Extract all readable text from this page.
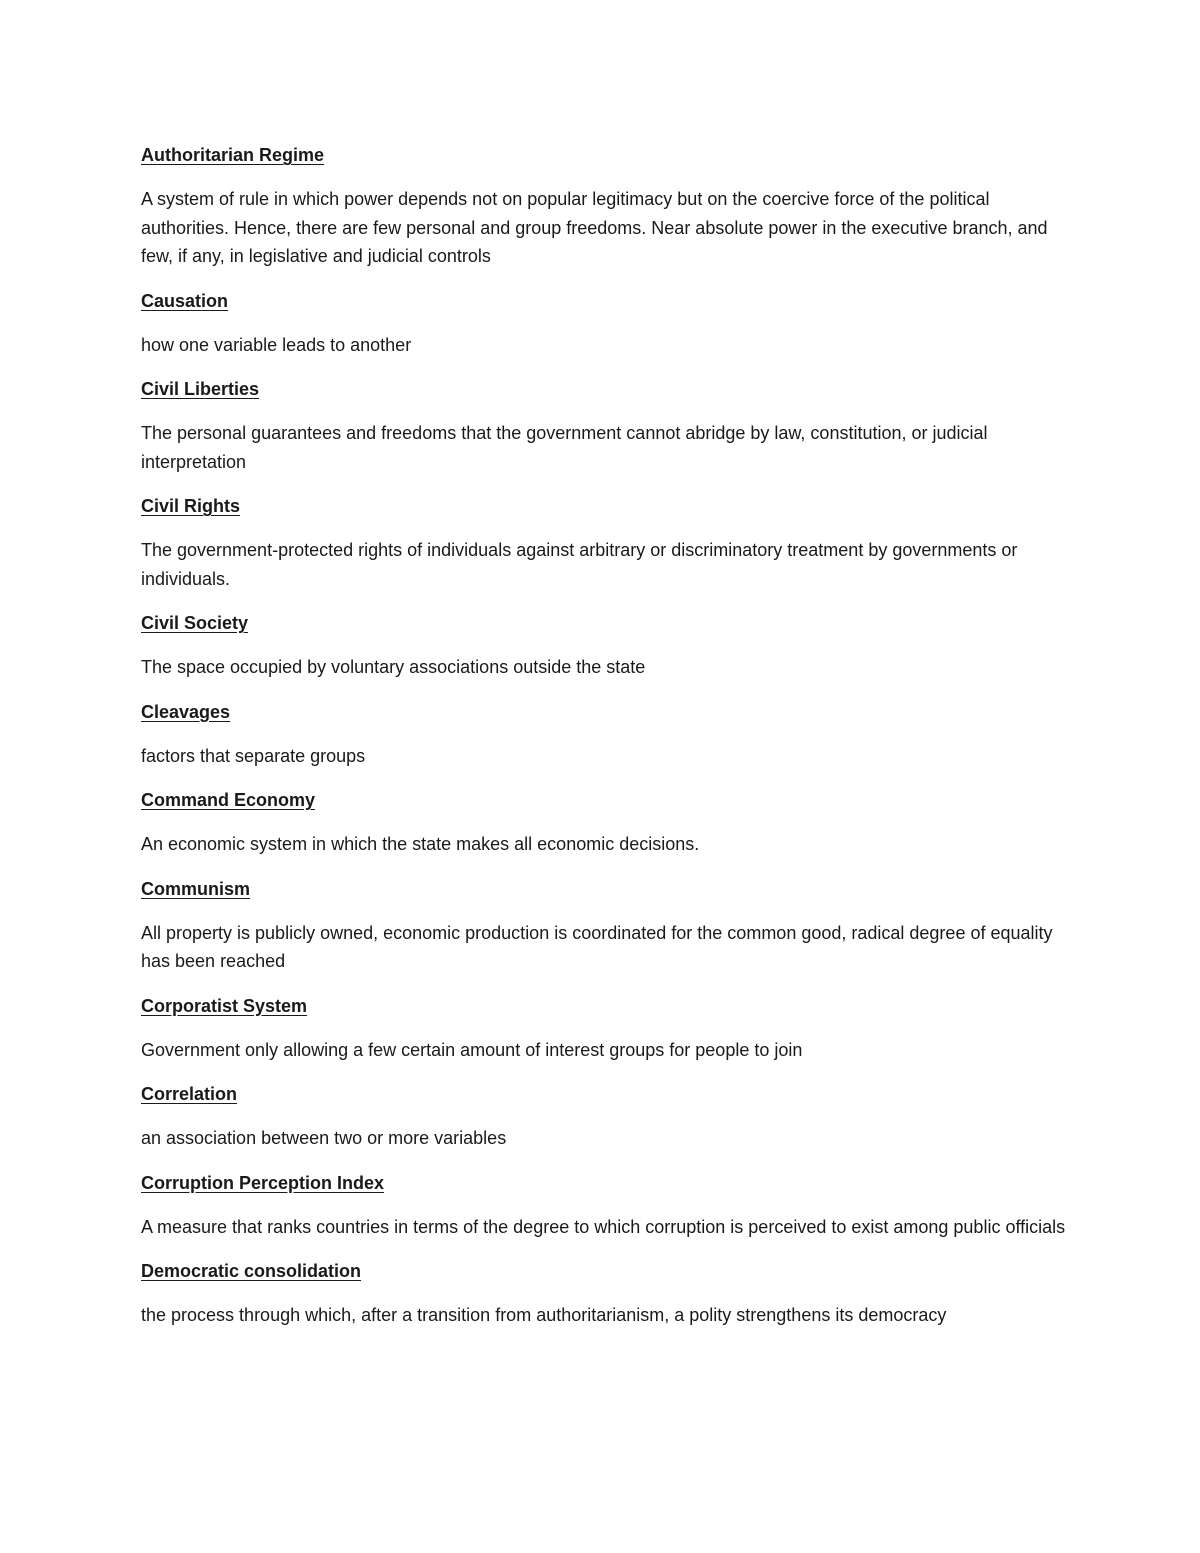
Authoritarian Regime

A system of rule in which power depends not on popular legitimacy but on the coercive force of the political authorities. Hence, there are few personal and group freedoms. Near absolute power in the executive branch, and few, if any, in legislative and judicial controls

Causation

how one variable leads to another

Civil Liberties

The personal guarantees and freedoms that the government cannot abridge by law, constitution, or judicial interpretation

Civil Rights

The government-protected rights of individuals against arbitrary or discriminatory treatment by governments or individuals.

Civil Society

The space occupied by voluntary associations outside the state

Cleavages

factors that separate groups

Command Economy

An economic system in which the state makes all economic decisions.

Communism

All property is publicly owned, economic production is coordinated for the common good, radical degree of equality has been reached

Corporatist System

Government only allowing a few certain amount of interest groups for people to join

Correlation

an association between two or more variables

Corruption Perception Index

A measure that ranks countries in terms of the degree to which corruption is perceived to exist among public officials

Democratic consolidation

the process through which, after a transition from authoritarianism, a polity strengthens its democracy
